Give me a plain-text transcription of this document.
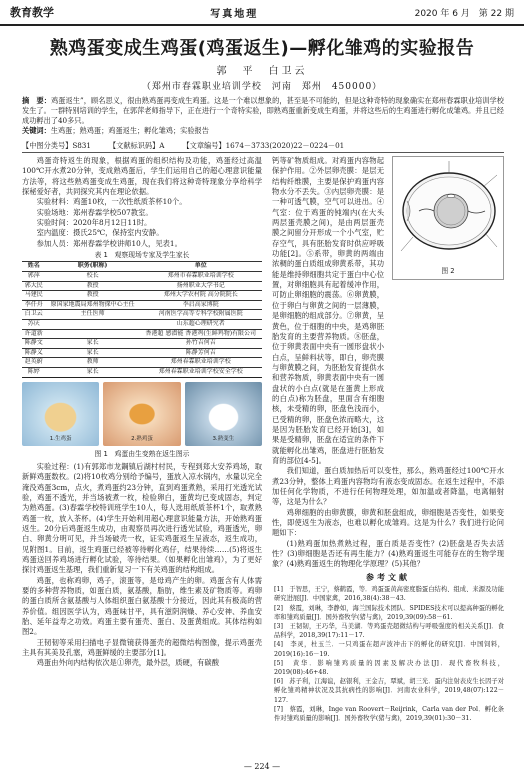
教育教学	写真地理	2020 年 6 月　第 22 期
熟鸡蛋变成生鸡蛋(鸡蛋返生)—孵化雏鸡的实验报告
郭　平　白卫云
（郑州市春霖职业培训学校　河南　郑州　450000）
摘　要：鸡蛋返生”，顾名思义，很由熟鸡蛋再变成生鸡蛋。这是一个难以想象的，甚至是不可能的，但是这种奇特的现象确实在郑州春霖职业培训学校发生了。一群特别培训的学生，在郭萍老师指导下，正在进行一个奇特实验，即熟鸡蛋重新变成生鸡蛋，并将这些后的生鸡蛋进行孵化成雏鸡。并且已经成功孵出了40多只。
关键词：生鸡蛋；熟鸡蛋；鸡蛋返生；孵化雏鸡；实验报告
【中图分类号】S831	【文献标识码】A	【文章编号】1674－3733(2020)22－0224－01

鸡蛋奇特返生的现象，根据鸡蛋的组织结构及功能，鸡蛋经过高温100℃开水煮20分钟，变成熟鸡蛋后，学生们运用自己的超心理意识能量方法等，将这些熟鸡蛋变成生鸡蛋，现在我们将这种奇特现象分享给科学探秘爱好者，共同探究其内在理论依据。

实验材料：鸡蛋10枚，一次性纸质茶杯10个。

实验场地：郑州春霖学校507教室。

实验时间：2020年8月12日11时。

室内温度：摄氏25℃，保持室内安静。

参加人员：郑州春霖学校讲师10人，见表1。

表 1　观察现场专家及学生家长
姓名	职务(职称)	单位
郭萍	校长	郑州市春霖职业培训学校
郭大民	教授	扬州职业大学书记
马建民	教授	郑州大学农村院 高分院院长
李仟舟	原国家地震局郑州物探中心主任	李启高家博院
白卫云	主任医师	河南医学高等专科学校附属医院
苏庆		山东超心理研究者
许道新		香港超 感潜能 香港鸡(生鲜鸡物)有限公司
陈静文	家长	孙竹吉何吉
陈静义	家长	陈静芳何吉
赵英蔚	教师	郑州春霖职业培训学校
陈婷	家长	郑州春霖职业培训学校安全学校
1.生鸡蛋	2.熟鸡蛋	3.熟变生
图 1　鸡蛋由生变熟在返生图示

实验过程：(1)有郭郑市龙鋼镇后湖村村民，专程到郑大安养鸡场，取新鲜鸡蛋数枚。(2)将10枚鸡分别给予编号，蛋放入凉水锅内，水量以完全淹没鸡蛋3cm，点火，煮鸡蛋约23分钟，直到鸡蛋煮熟，采用打光透光试验，鸡蛋不透光，并当场被煮一枚，检验卵白，蛋黄均已变成固态，判定为熟鸡蛋。(3)春霖学校特训班学生10人，每人选用纸质茶杯1个，取煮熟鸡蛋一枚，放入茶杯。(4)学生开始利用超心理意识能量方法，开始熟鸡蛋返生。20分后鸡蛋返生成功，由观察员再次进行透光试验，鸡蛋透光，卵白、卵黄分明可见，并当场破壳一枚，证实鸡蛋返生呈液态，返生成功，见附图1。目前，返生鸡蛋已经被等待孵化鸡仔，结果待续……(5)将返生鸡蛋送回养鸡场进行孵化试验，等待结果。（如果孵化出雏鸡），为了更好探讨鸡蛋返生基理，我们重新复习一下有关鸡蛋的结构组成。

鸡蛋，也称鸡卵，鸡子，滚蛋等，是母鸡产生的卵。鸡蛋含有人体需要的多种营养物质，如蛋白质，氨基酸，脂肪，维生素及矿物质等。鸡卵的蛋白质所含氨基酸与人体组织蛋白氨基酸十分接近，因此其有极高的营养价值。组因医学认为，鸡蛋味甘平，具有滋阴润燥、养心安神、养血安胎、延年益寿之功效。鸡蛋主要有蛋壳、蛋白、及蛋黄组成。其体结构如图2。

王韧韧等采用扫描电子显微镜获得蛋壳的超微结构图像，提示鸡蛋壳主具有其美及孔塞，鸡蛋鲜缓的主要部分[1]。

鸡蛋由外向内结构依次是①卵壳，最外层，质硬，有碳酸

钙等矿物质组成。对鸡蛋内容物起保护作用。②外层卵壳膜：是层无结构纤维膜，主要是保护鸡蛋内容物水分不丢失。③内层卵壳膜：是一种可透气膜，空气可以进出。④气室：位于鸡蛋的钝端内(在大头两层蛋壳膜之间)，是由两层蛋壳膜之间留分开形成一个小气室，贮存空气，具有胚胎发育时供应呼吸功能[2]。⑤系带，卵黄的两端由浓稠的蛋白质组成卵黄系带，其功能是维持卵细胞共定于蛋白中心位置，对卵细胞具有起着缓冲作用，可防止卵细胞的震荡。⑥卵黄膜，位于卵白与卵黄之间的一层薄膜，是卵细胞的组成部分。⑦卵黄，呈黄色，位于细胞的中央，是鸡卵胚胎发育的主要营养物质。⑧胚盘，位于卵黄表面中央有一圆形盘状小白点，呈鲜料状等，即白，卵壳膜与卵黄膜之间，为胚胎发育提供水和营养物质，卵黄表面中央有一圆盘状的小白点(就是在蛋黄上形成的白点)称为胚盘，里面含有细胞核，未受精的卵，胚盘色浅而小，已受精的卵，胚盘色浓而略大，这是因为胚胎发育已经开始[3]，如果是受精卵，胚盘在适宜的条件下就能孵化出雏鸡，胚盘进行胚胎发育的部位[4-5]。

我们知道，蛋白质加热后可以变性，那么，熟鸡蛋经过100℃开水煮23分钟，整体上鸡蛋内容物均有液态变成固态。在返生过程中，不添加任何化学物质，不进行任何物理处理，如加温或者降温，电离辐射等，这是为什么？

鸡卵细胞的由卵黄膜，卵黄和胚盘组成，卵细胞是否变性，如果变性，即使返生为液态，也难以孵化成雏鸡。这是为什么？我们进行论问题如下：

(1)熟鸡蛋加热煮熟过程，蛋白质是否变性？(2)胚盘是否失去活性？(3)卵细胞是否还有再生能力？(4)熟鸡蛋返生可能存在的生物学现象？(4)熟鸡蛋返生的物理化学原理？(5)其他？

参考文献
[1]　于智思，王宁，蔡鹤霞，等．鸡蛋蛋黄高密度脂蛋白结构、组成、来源及功能研究进展[J]．中国家禽，2016,38(4):38－43.
[2]　蔡霞，刘琳，李静如，海兰国际技术团队．SPIDES技术可以提高种蛋的孵化率和雏鸡质量[J]．国外畜牧学(猪与禽)，2019,39(09):58－61.
[3]　王韧韧，王巧华，马美湖．等鸡蛋壳超微结构与呼吸强度的相关关系[J]．食品科学，2018,39(17):11－17.
[4]　李灵，杜玉兰．一只鸡蛋在超声波冲击下的孵化的研究[J]．中国饲料，2019(16):16－19.
[5]　黄华．影响雏鸡质量的因素及解决办法[J]．现代畜牧科技，2019(08):46+48.
[6]　苏子利，江海谊，赵银利，王金吉，覃斌，胡三光．蛋内注射表皮生长因子对孵化雏鸡精神状况及其抗病性的影响[J]．河南农业科学，2019,48(07):122－127.
[7]　蔡霞，刘琳，Inge van Roovert－Reijrink，Carla van der Pol．孵化条件对雏鸡质量的影响[J]．国外畜牧学(猪与禽)，2019,39(01):30－31.
图 2
— 224 —
